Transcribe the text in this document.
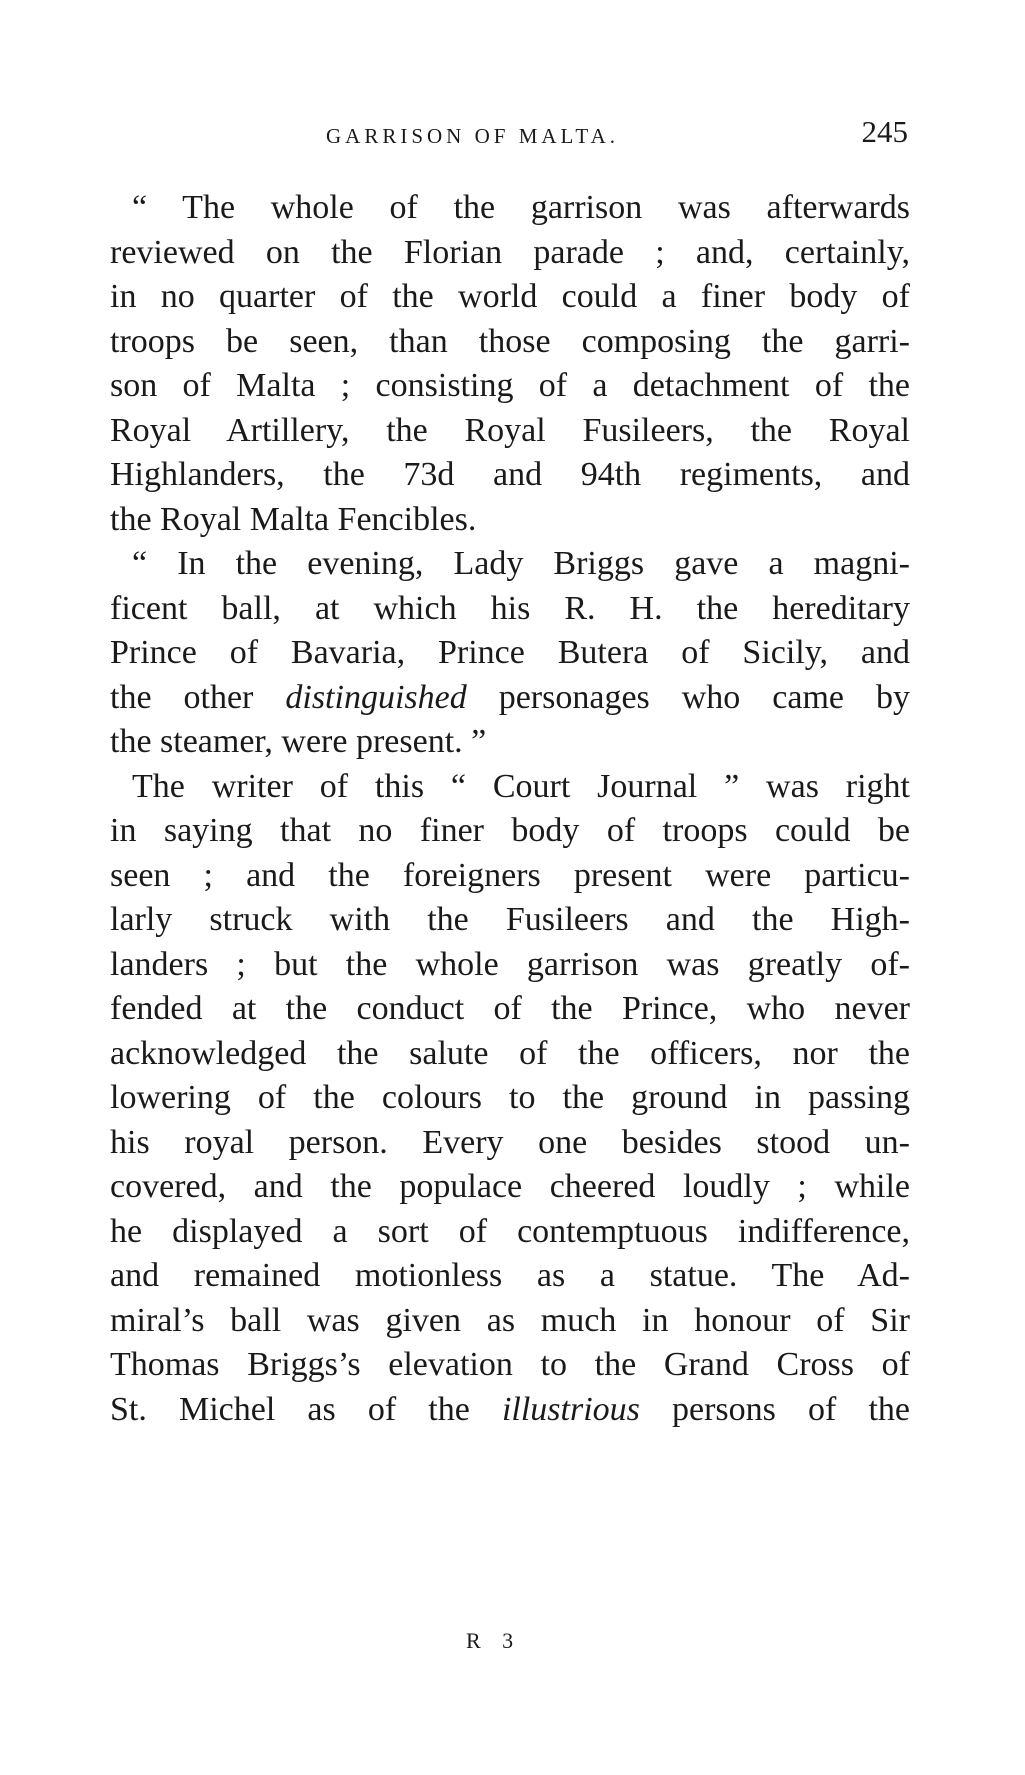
GARRISON OF MALTA.	245
“ The whole of the garrison was afterwards
reviewed on the Florian parade ; and, certainly,
in no quarter of the world could a finer body of
troops be seen, than those composing the garri-
son of Malta ; consisting of a detachment of the
Royal Artillery, the Royal Fusileers, the Royal
Highlanders, the 73d and 94th regiments, and
the Royal Malta Fencibles.
“ In the evening, Lady Briggs gave a magni-
ficent ball, at which his R. H. the hereditary
Prince of Bavaria, Prince Butera of Sicily, and
the other distinguished personages who came by
the steamer, were present. ”
The writer of this “ Court Journal ” was right
in saying that no finer body of troops could be
seen ; and the foreigners present were particu-
larly struck with the Fusileers and the High-
landers ; but the whole garrison was greatly of-
fended at the conduct of the Prince, who never
acknowledged the salute of the officers, nor the
lowering of the colours to the ground in passing
his royal person. Every one besides stood un-
covered, and the populace cheered loudly ; while
he displayed a sort of contemptuous indifference,
and remained motionless as a statue. The Ad-
miral’s ball was given as much in honour of Sir
Thomas Briggs’s elevation to the Grand Cross of
St. Michel as of the illustrious persons of the
R 3
